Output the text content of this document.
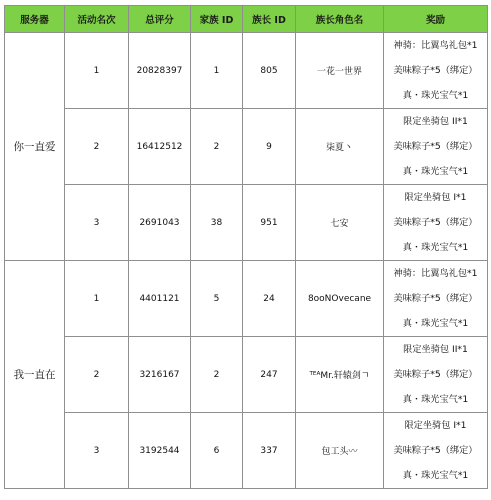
服务器	活动名次	总评分	家族 ID	族长 ID	族长角色名	奖励
你一直爱	1	20828397	1	805	一花一世界	神骑：比翼鸟礼包*1
美味粽子*5（绑定）
真・珠光宝气*1

	2	16412512	2	9	柒夏丶	限定坐骑包 II*1
美味粽子*5（绑定）
真・珠光宝气*1

	3	2691043	38	951	七安	限定坐骑包 I*1
美味粽子*5（绑定）
真・珠光宝气*1

我一直在	1	4401121	5	24	8ooNOvecane	神骑：比翼鸟礼包*1
美味粽子*5（绑定）
真・珠光宝气*1

	2	3216167	2	247	ᵀᴱᴬMr.轩辕剑ㄱ	限定坐骑包 II*1
美味粽子*5（绑定）
真・珠光宝气*1

	3	3192544	6	337	包工头〰	限定坐骑包 I*1
美味粽子*5（绑定）
真・珠光宝气*1
